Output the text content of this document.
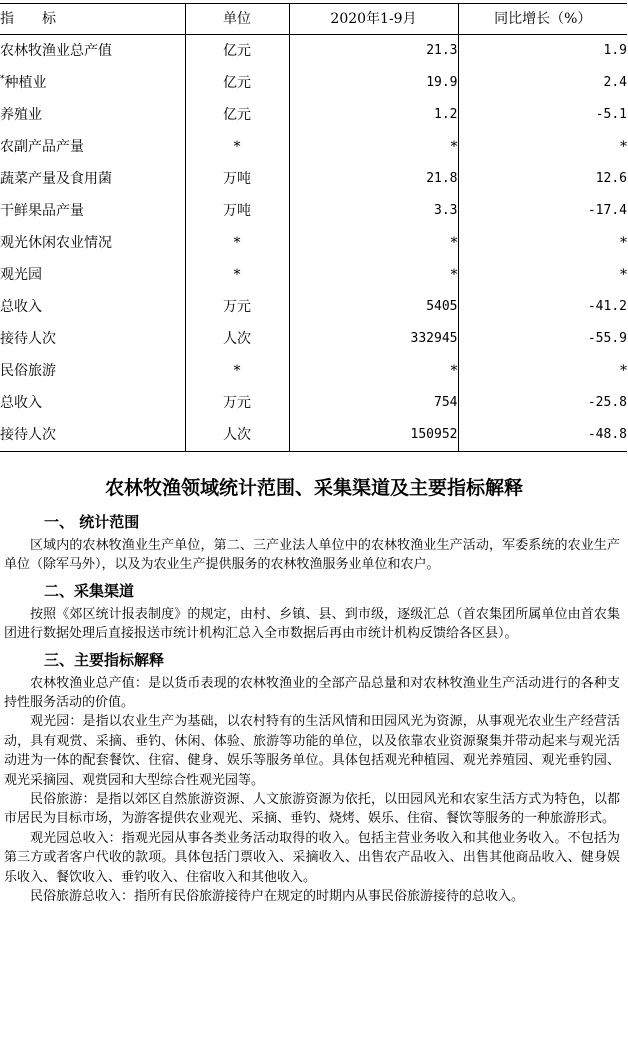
指　　标	单位	2020年1-9月	同比增长（%）
农林牧渔业总产值	亿元	21.3	1.9
*种植业	亿元	19.9	2.4
养殖业	亿元	1.2	-5.1
农副产品产量	*	*	*
蔬菜产量及食用菌	万吨	21.8	12.6
干鲜果品产量	万吨	3.3	-17.4
观光休闲农业情况	*	*	*
观光园	*	*	*
总收入	万元	5405	-41.2
接待人次	人次	332945	-55.9
民俗旅游	*	*	*
总收入	万元	754	-25.8
接待人次	人次	150952	-48.8
农林牧渔领域统计范围、采集渠道及主要指标解释
一、 统计范围

区域内的农林牧渔业生产单位，第二、三产业法人单位中的农林牧渔业生产活动，军委系统的农业生产单位（除军马外），以及为农业生产提供服务的农林牧渔服务业单位和农户。

二、采集渠道

按照《郊区统计报表制度》的规定，由村、乡镇、县、到市级，逐级汇总（首农集团所属单位由首农集团进行数据处理后直接报送市统计机构汇总入全市数据后再由市统计机构反馈给各区县）。

三、主要指标解释

农林牧渔业总产值：是以货币表现的农林牧渔业的全部产品总量和对农林牧渔业生产活动进行的各种支持性服务活动的价值。

观光园：是指以农业生产为基础，以农村特有的生活风情和田园风光为资源，从事观光农业生产经营活动，具有观赏、采摘、垂钓、休闲、体验、旅游等功能的单位，以及依靠农业资源聚集并带动起来与观光活动进为一体的配套餐饮、住宿、健身、娱乐等服务单位。具体包括观光种植园、观光养殖园、观光垂钓园、观光采摘园、观赏园和大型综合性观光园等。

民俗旅游：是指以郊区自然旅游资源、人文旅游资源为依托，以田园风光和农家生活方式为特色，以都市居民为目标市场，为游客提供农业观光、采摘、垂钓、烧烤、娱乐、住宿、餐饮等服务的一种旅游形式。

观光园总收入：指观光园从事各类业务活动取得的收入。包括主营业务收入和其他业务收入。不包括为第三方或者客户代收的款项。具体包括门票收入、采摘收入、出售农产品收入、出售其他商品收入、健身娱乐收入、餐饮收入、垂钓收入、住宿收入和其他收入。

民俗旅游总收入：指所有民俗旅游接待户在规定的时期内从事民俗旅游接待的总收入。
